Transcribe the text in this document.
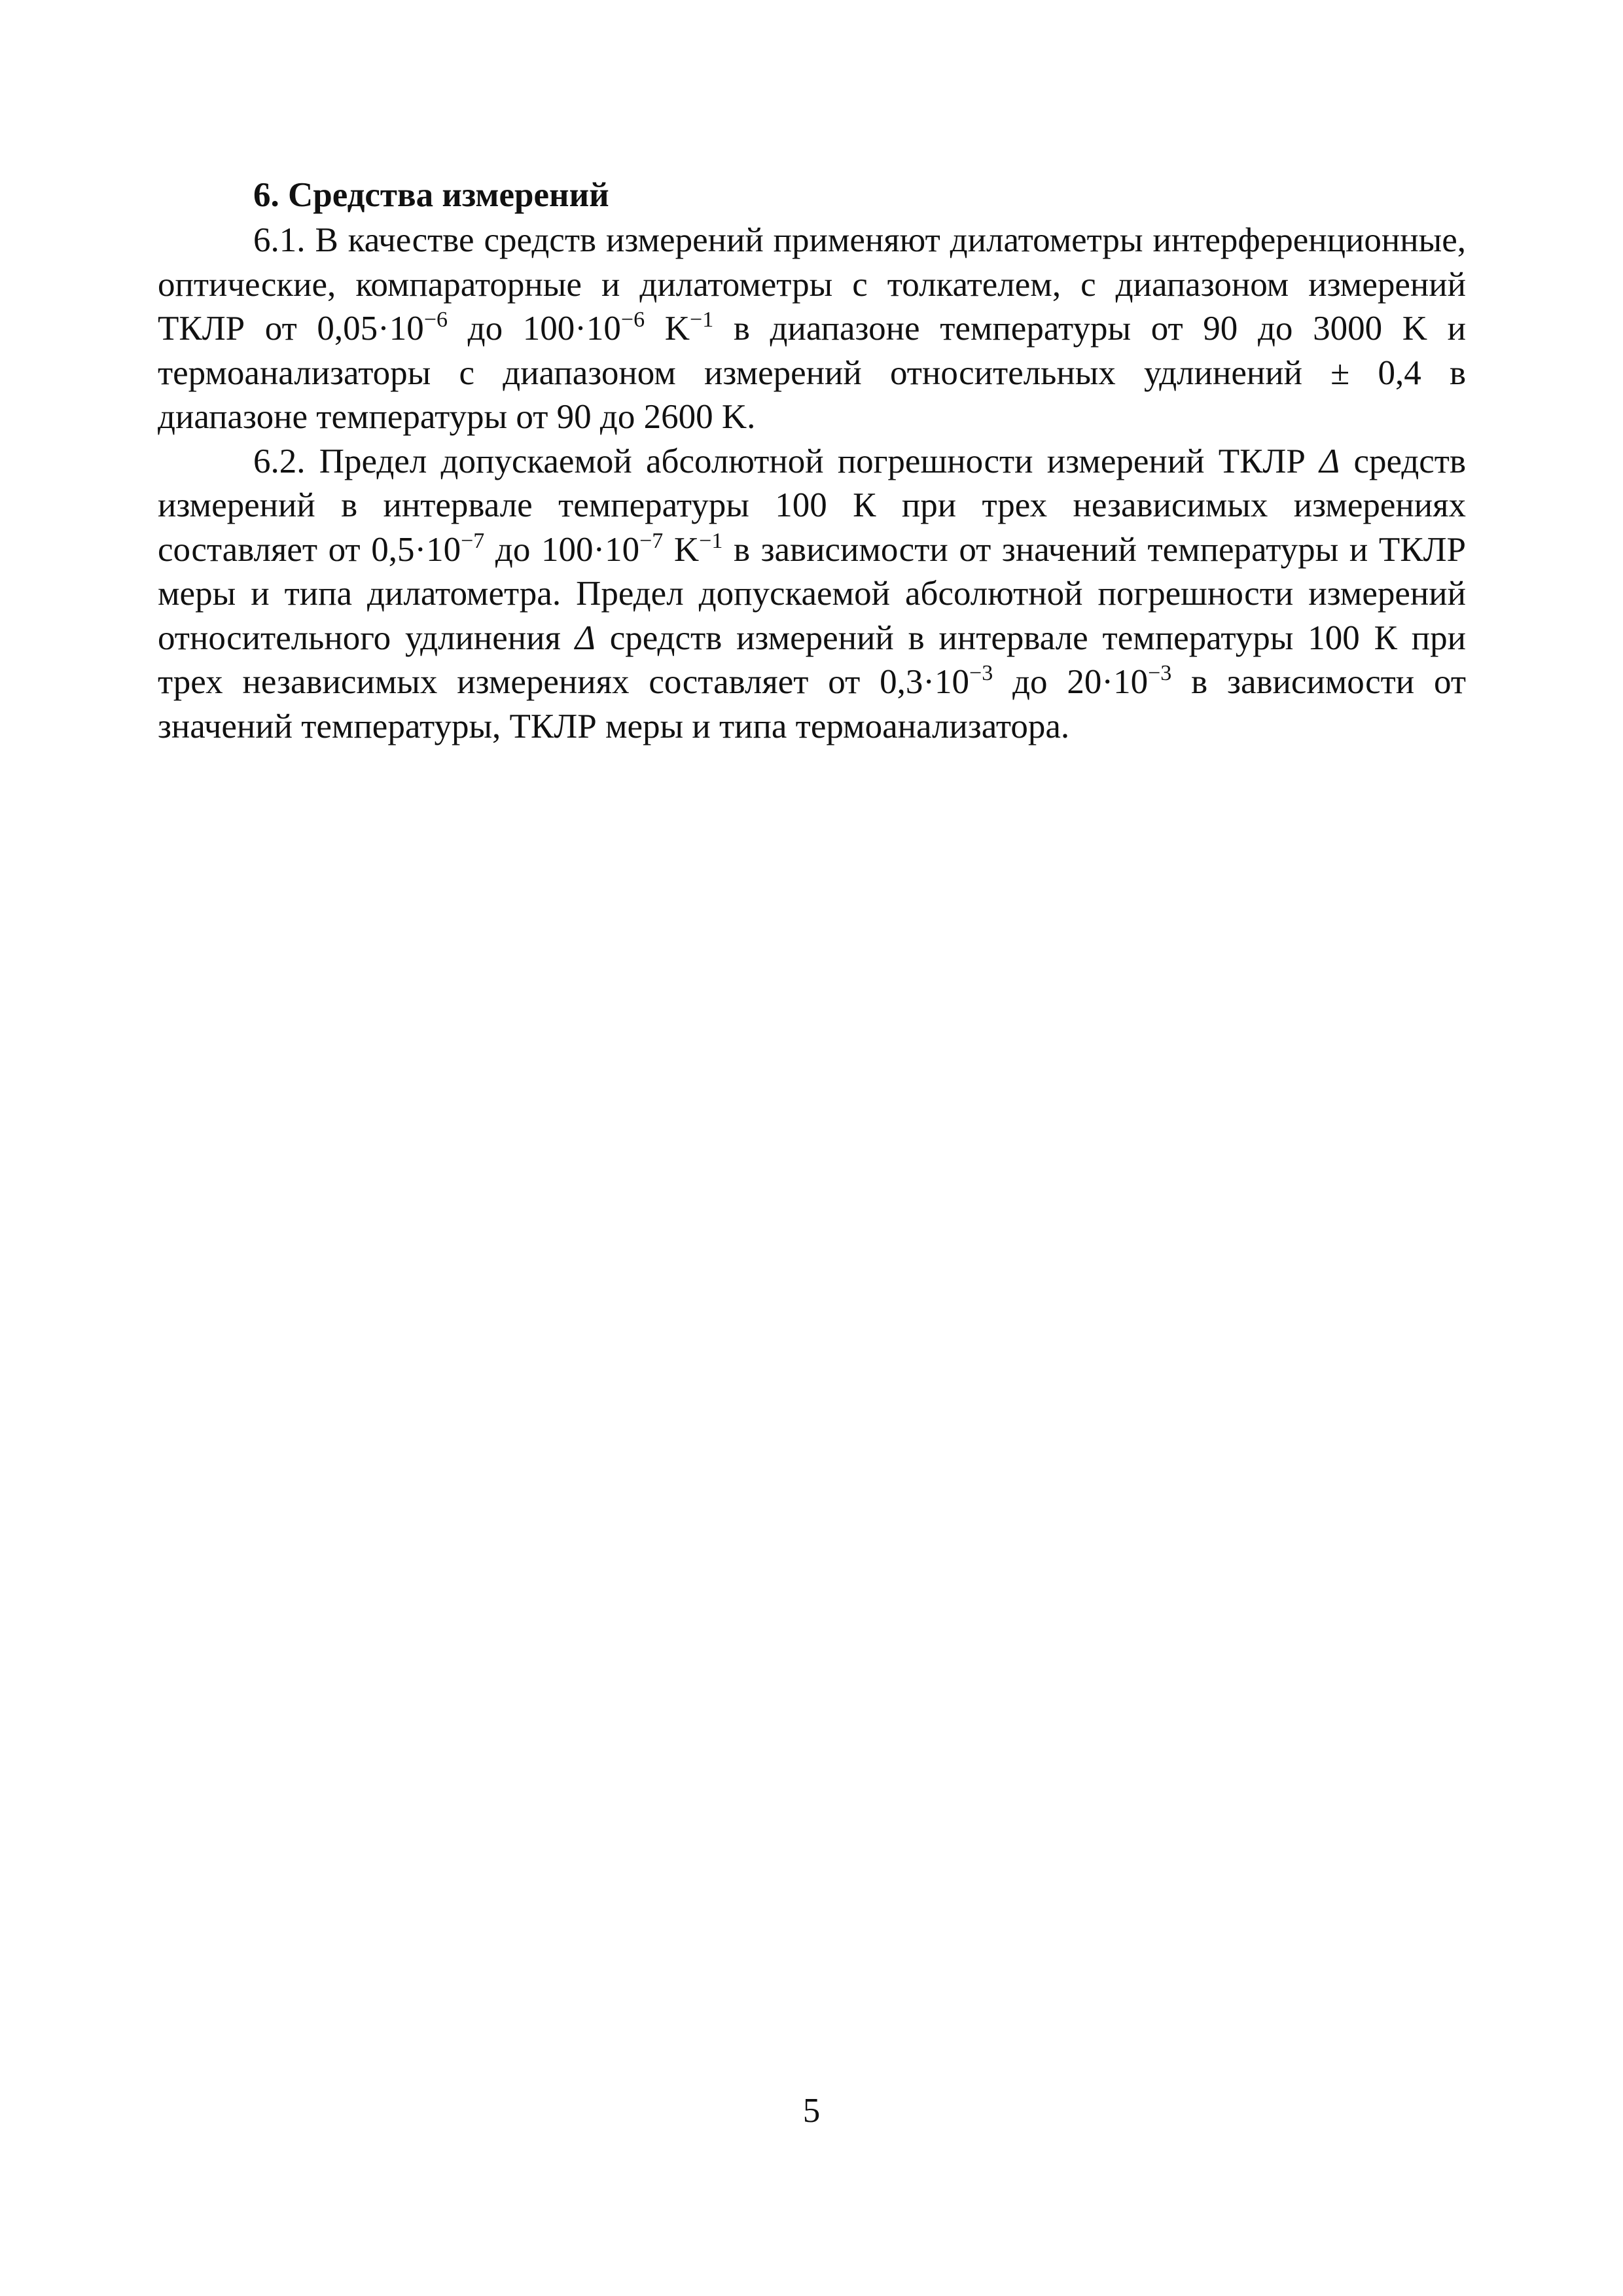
6. Средства измерений

6.1. В качестве средств измерений применяют дилатометры интерференционные, оптические, компараторные и дилатометры с толкателем, с диапазоном измерений ТКЛР от $0,05\cdot 10^{-6}$ до $100\cdot 10^{-6}$ $K^{-1}$ в диапазоне температуры от 90 до 3000 K и термоанализаторы с диапазоном измерений относительных удлинений ± 0,4 в диапазоне температуры от 90 до 2600 K.

6.2. Предел допускаемой абсолютной погрешности измерений ТКЛР Δ средств измерений в интервале температуры 100 К при трех независимых измерениях составляет от $0,5\cdot 10^{-7}$ до $100\cdot 10^{-7}$ $K^{-1}$ в зависимости от значений температуры и ТКЛР меры и типа дилатометра. Предел допускаемой абсолютной погрешности измерений относительного удлинения Δ средств измерений в интервале температуры 100 К при трех независимых измерениях составляет от $0,3\cdot 10^{-3}$ до $20\cdot 10^{-3}$ в зависимости от значений температуры, ТКЛР меры и типа термоанализатора.

5
